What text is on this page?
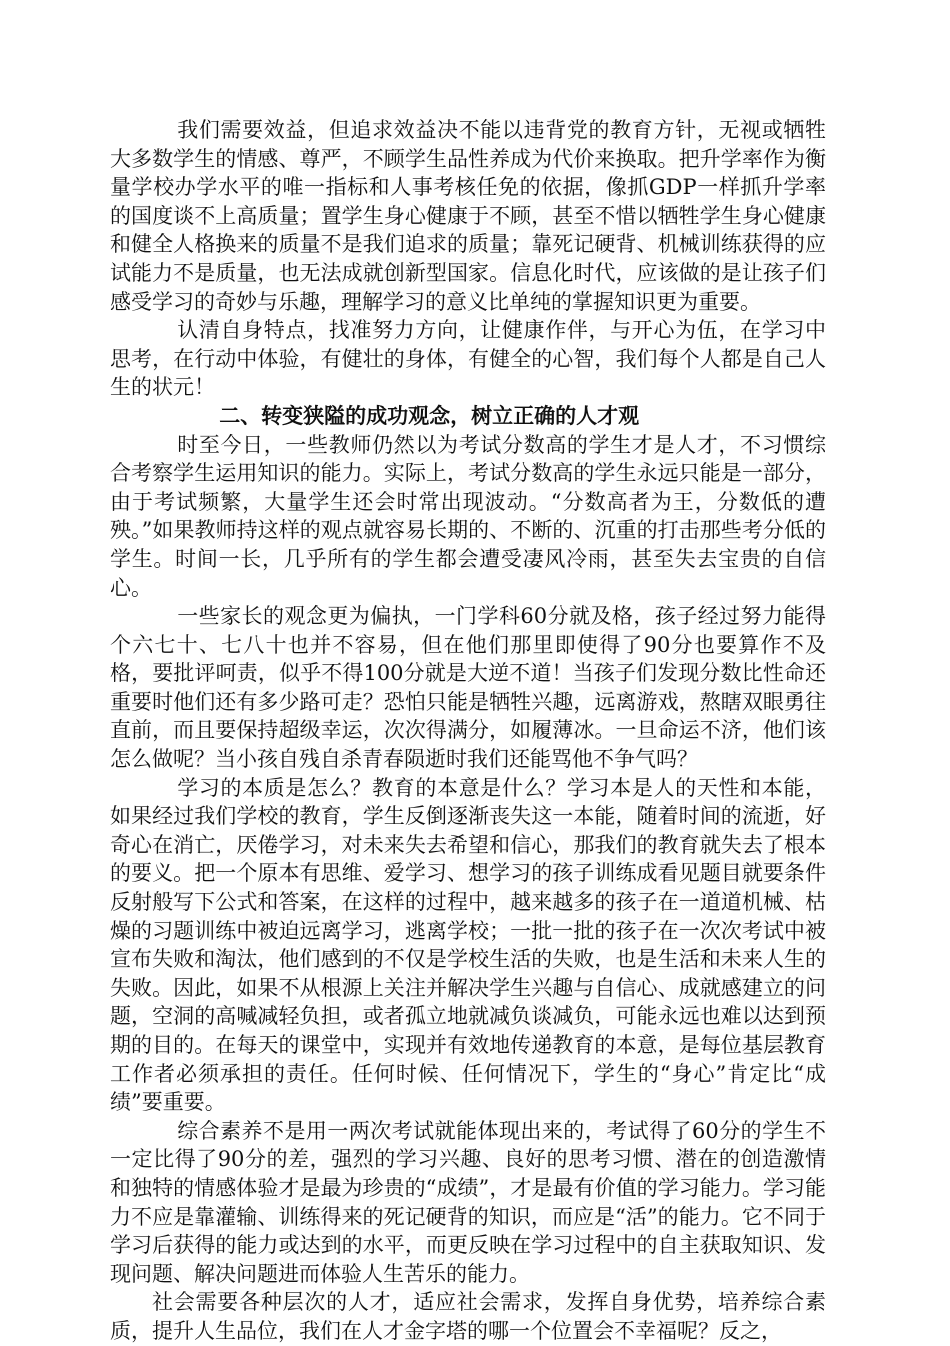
我们需要效益，但追求效益决不能以违背党的教育方针，无视或牺牲大多数学生的情感、尊严，不顾学生品性养成为代价来换取。把升学率作为衡量学校办学水平的唯一指标和人事考核任免的依据，像抓GDP一样抓升学率的国度谈不上高质量；置学生身心健康于不顾，甚至不惜以牺牲学生身心健康和健全人格换来的质量不是我们追求的质量；靠死记硬背、机械训练获得的应试能力不是质量，也无法成就创新型国家。信息化时代，应该做的是让孩子们感受学习的奇妙与乐趣，理解学习的意义比单纯的掌握知识更为重要。

认清自身特点，找准努力方向，让健康作伴，与开心为伍，在学习中思考，在行动中体验，有健壮的身体，有健全的心智，我们每个人都是自己人生的状元！

二、转变狭隘的成功观念，树立正确的人才观

时至今日，一些教师仍然以为考试分数高的学生才是人才，不习惯综合考察学生运用知识的能力。实际上，考试分数高的学生永远只能是一部分，由于考试频繁，大量学生还会时常出现波动。“分数高者为王，分数低的遭殃。”如果教师持这样的观点就容易长期的、不断的、沉重的打击那些考分低的学生。时间一长，几乎所有的学生都会遭受凄风冷雨，甚至失去宝贵的自信心。

一些家长的观念更为偏执，一门学科60分就及格，孩子经过努力能得个六七十、七八十也并不容易，但在他们那里即使得了90分也要算作不及格，要批评呵责，似乎不得100分就是大逆不道！当孩子们发现分数比性命还重要时他们还有多少路可走？恐怕只能是牺牲兴趣，远离游戏，熬瞎双眼勇往直前，而且要保持超级幸运，次次得满分，如履薄冰。一旦命运不济，他们该怎么做呢？当小孩自残自杀青春陨逝时我们还能骂他不争气吗？

学习的本质是怎么？教育的本意是什么？学习本是人的天性和本能，如果经过我们学校的教育，学生反倒逐渐丧失这一本能，随着时间的流逝，好奇心在消亡，厌倦学习，对未来失去希望和信心，那我们的教育就失去了根本的要义。把一个原本有思维、爱学习、想学习的孩子训练成看见题目就要条件反射般写下公式和答案，在这样的过程中，越来越多的孩子在一道道机械、枯燥的习题训练中被迫远离学习，逃离学校；一批一批的孩子在一次次考试中被宣布失败和淘汰，他们感到的不仅是学校生活的失败，也是生活和未来人生的失败。因此，如果不从根源上关注并解决学生兴趣与自信心、成就感建立的问题，空洞的高喊减轻负担，或者孤立地就减负谈减负，可能永远也难以达到预期的目的。在每天的课堂中，实现并有效地传递教育的本意，是每位基层教育工作者必须承担的责任。任何时候、任何情况下，学生的“身心”肯定比“成绩”要重要。

综合素养不是用一两次考试就能体现出来的，考试得了60分的学生不一定比得了90分的差，强烈的学习兴趣、良好的思考习惯、潜在的创造激情和独特的情感体验才是最为珍贵的“成绩”，才是最有价值的学习能力。学习能力不应是靠灌输、训练得来的死记硬背的知识，而应是“活”的能力。它不同于学习后获得的能力或达到的水平，而更反映在学习过程中的自主获取知识、发现问题、解决问题进而体验人生苦乐的能力。

社会需要各种层次的人才，适应社会需求，发挥自身优势，培养综合素质，提升人生品位，我们在人才金字塔的哪一个位置会不幸福呢？反之，
